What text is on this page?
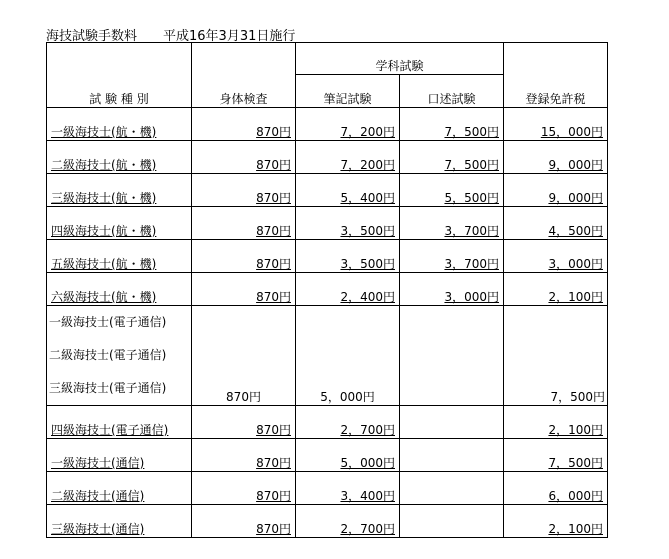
海技試験手数料　　平成16年3月31日施行
試 験 種 別	身体検査	学科試験		登録免許税
		筆記試験	口述試験	
一級海技士(航・機)	870円	7，200円	7，500円	15，000円
二級海技士(航・機)	870円	7，200円	7，500円	9，000円
三級海技士(航・機)	870円	5，400円	5，500円	9，000円
四級海技士(航・機)	870円	3，500円	3，700円	4，500円
五級海技士(航・機)	870円	3，500円	3，700円	3，000円
六級海技士(航・機)	870円	2，400円	3，000円	2，100円

一級海技士(電子通信)
二級海技士(電子通信)
三級海技士(電子通信)	870円	5，000円		7，500円
四級海技士(電子通信)	870円	2，700円		2，100円
一級海技士(通信)	870円	5，000円		7，500円
二級海技士(通信)	870円	3，400円		6，000円
三級海技士(通信)	870円	2，700円		2，100円
